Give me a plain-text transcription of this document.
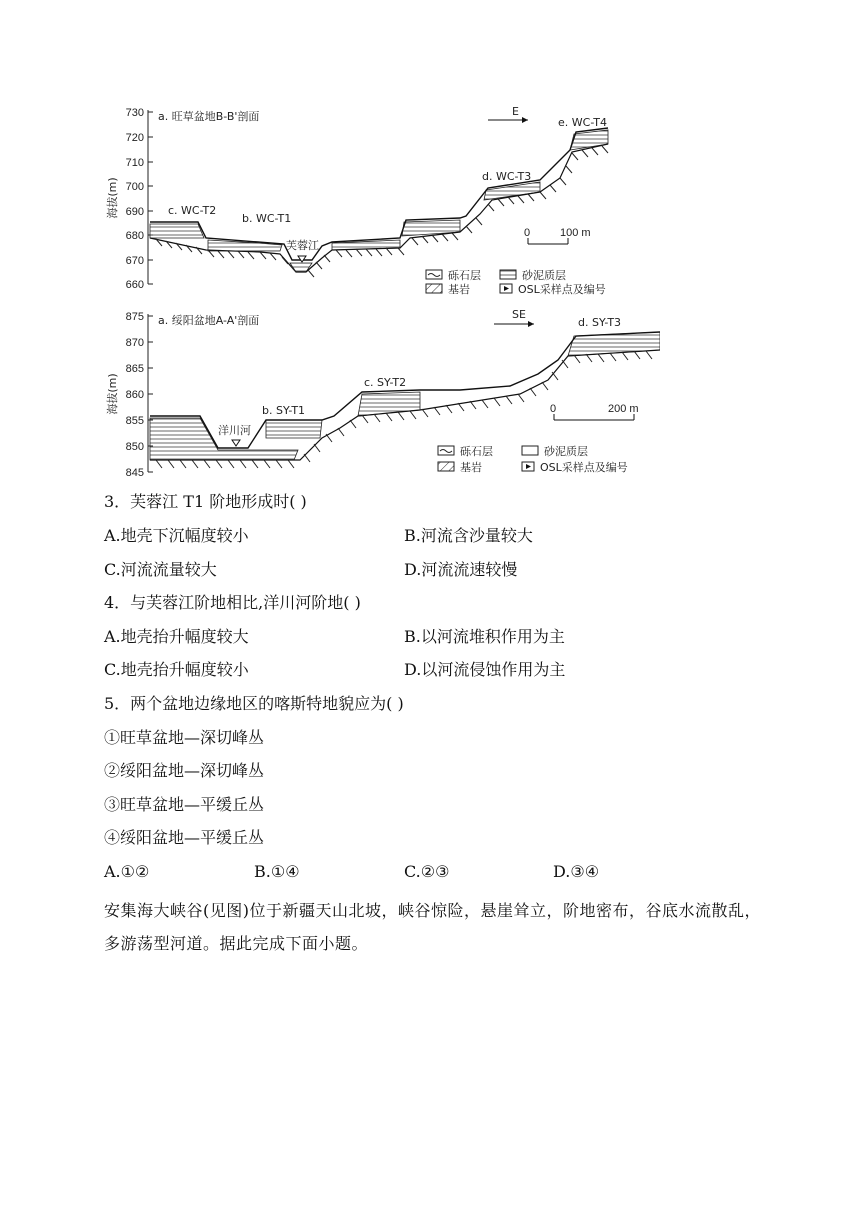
730
720
710
700
690
680
670
660
海拔(m)
a. 旺草盆地B-B'剖面
芙蓉江
c. WC-T2
b. WC-T1
d. WC-T3
e. WC-T4
E
0	100 m
砾石层	砂泥质层
基岩	OSL采样点及编号
875
870
865
860
855
850
845
海拔(m)
a. 绥阳盆地A-A'剖面
洋川河
b. SY-T1
c. SY-T2
d. SY-T3
SE
0	200 m
砾石层	砂泥质层
基岩	OSL采样点及编号
3．芙蓉江 T1 阶地形成时( )
A.地壳下沉幅度较小	B.河流含沙量较大
C.河流流量较大	D.河流流速较慢
4．与芙蓉江阶地相比,洋川河阶地( )
A.地壳抬升幅度较大	B.以河流堆积作用为主
C.地壳抬升幅度较小	D.以河流侵蚀作用为主
5．两个盆地边缘地区的喀斯特地貌应为( )
①旺草盆地—深切峰丛
②绥阳盆地—深切峰丛
③旺草盆地—平缓丘丛
④绥阳盆地—平缓丘丛
A.①②	B.①④	C.②③	D.③④
安集海大峡谷(见图)位于新疆天山北坡，峡谷惊险，悬崖耸立，阶地密布，谷底水流散乱，多游荡型河道。据此完成下面小题。
